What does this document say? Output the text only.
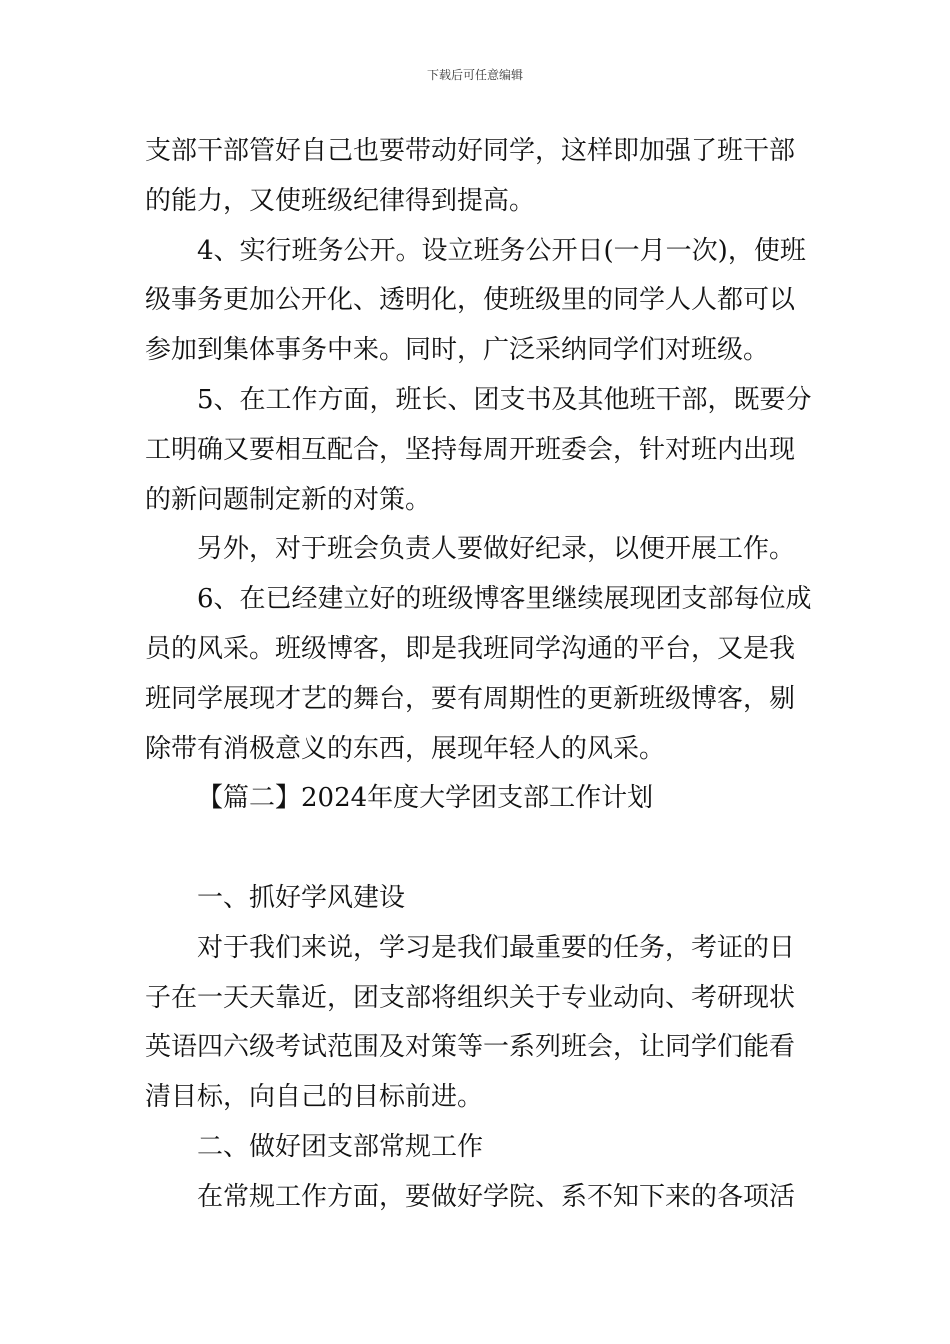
下载后可任意编辑
支部干部管好自己也要带动好同学，这样即加强了班干部
的能力，又使班级纪律得到提高。
4、实行班务公开。设立班务公开日(一月一次)，使班
级事务更加公开化、透明化，使班级里的同学人人都可以
参加到集体事务中来。同时，广泛采纳同学们对班级。
5、在工作方面，班长、团支书及其他班干部，既要分
工明确又要相互配合，坚持每周开班委会，针对班内出现
的新问题制定新的对策。
另外，对于班会负责人要做好纪录，以便开展工作。
6、在已经建立好的班级博客里继续展现团支部每位成
员的风采。班级博客，即是我班同学沟通的平台，又是我
班同学展现才艺的舞台，要有周期性的更新班级博客，剔
除带有消极意义的东西，展现年轻人的风采。
【篇二】2024年度大学团支部工作计划
一、抓好学风建设
对于我们来说，学习是我们最重要的任务，考证的日
子在一天天靠近，团支部将组织关于专业动向、考研现状
英语四六级考试范围及对策等一系列班会，让同学们能看
清目标，向自己的目标前进。
二、做好团支部常规工作
在常规工作方面，要做好学院、系不知下来的各项活
